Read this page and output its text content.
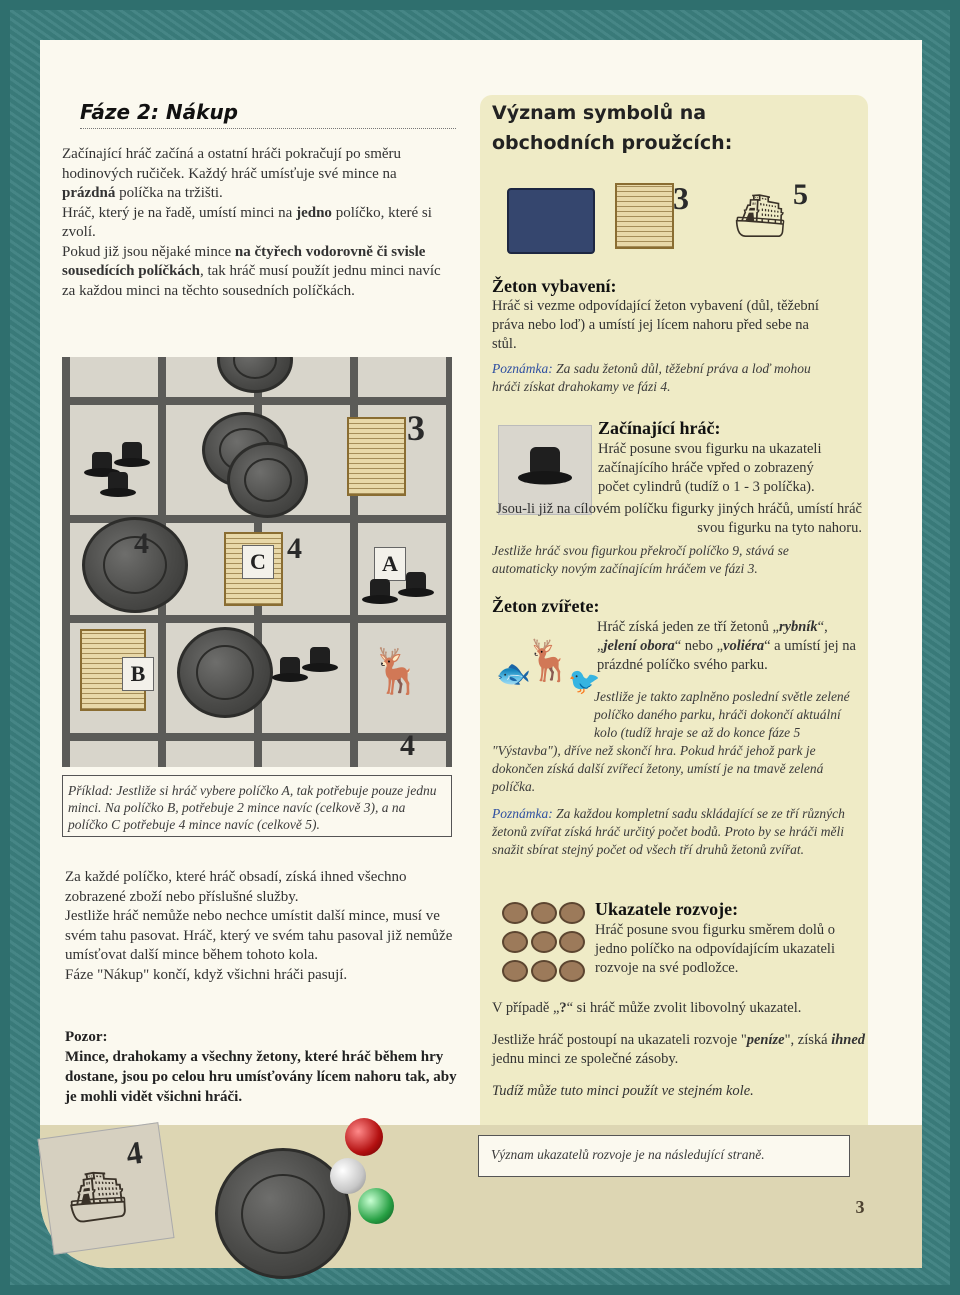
Fáze 2: Nákup
Začínající hráč začíná a ostatní hráči pokračují po směru hodinových ručiček. Každý hráč umísťuje své mince na prázdná políčka na tržišti.
Hráč, který je na řadě, umístí minci na jedno políčko, které si zvolí.
Pokud již jsou nějaké mince na čtyřech vodorovně či svisle sousedících políčkách, tak hráč musí použít jednu minci navíc za každou minci na těchto sousedních políčkách.
3
4
C 4	A
B	🦌
4
Příklad: Jestliže si hráč vybere políčko A, tak potřebuje pouze jednu minci. Na políčko B, potřebuje 2 mince navíc (celkově 3), a na políčko C potřebuje 4 mince navíc (celkově 5).
Za každé políčko, které hráč obsadí, získá ihned všechno zobrazené zboží nebo příslušné služby.
Jestliže hráč nemůže nebo nechce umístit další mince, musí ve svém tahu pasovat. Hráč, který ve svém tahu pasoval již nemůže umísťovat další mince během tohoto kola.
Fáze "Nákup" končí, když všichni hráči pasují.
Pozor:
Mince, drahokamy a všechny žetony, které hráč během hry dostane, jsou po celou hru umísťovány lícem nahoru tak, aby je mohli vidět všichni hráči.
⛴
4
Význam symbolů na obchodních proužcích:
3	⛴ 5
Žeton vybavení:
Hráč si vezme odpovídající žeton vybavení (důl, těžební práva nebo loď) a umístí jej lícem nahoru před sebe na stůl.
Poznámka: Za sadu žetonů důl, těžební práva a loď mohou hráči získat drahokamy ve fázi 4.
Začínající hráč:
Hráč posune svou figurku na ukazateli začínajícího hráče vpřed o zobrazený počet cylindrů (tudíž o 1 - 3 políčka).
Jsou-li již na cílovém políčku figurky jiných hráčů, umístí hráč svou figurku na tyto nahoru.
Jestliže hráč svou figurkou překročí políčko 9, stává se automaticky novým začínajícím hráčem ve fázi 3.
Žeton zvířete:
🐟
🦌
🐦
Hráč získá jeden ze tří žetonů „rybník“, „jelení obora“ nebo „voliéra“ a umístí jej na prázdné políčko svého parku.
Jestliže je takto zaplněno poslední světle zelené políčko daného parku, hráči dokončí aktuální kolo (tudíž hraje se až do konce fáze 5 "Výstavba"), dříve než skončí hra. Pokud hráč jehož park je dokončen získá další zvířecí žetony, umístí je na tmavě zelená políčka.
Poznámka: Za každou kompletní sadu skládající se ze tří různých žetonů zvířat získá hráč určitý počet bodů. Proto by se hráči měli snažit sbírat stejný počet od všech tří druhů žetonů zvířat.
Ukazatele rozvoje:
Hráč posune svou figurku směrem dolů o jedno políčko na odpovídajícím ukazateli rozvoje na své podložce.
V případě „?“ si hráč může zvolit libovolný ukazatel.
Jestliže hráč postoupí na ukazateli rozvoje "peníze", získá ihned jednu minci ze společné zásoby.
Tudíž může tuto minci použít ve stejném kole.
Význam ukazatelů rozvoje je na následující straně.
3
